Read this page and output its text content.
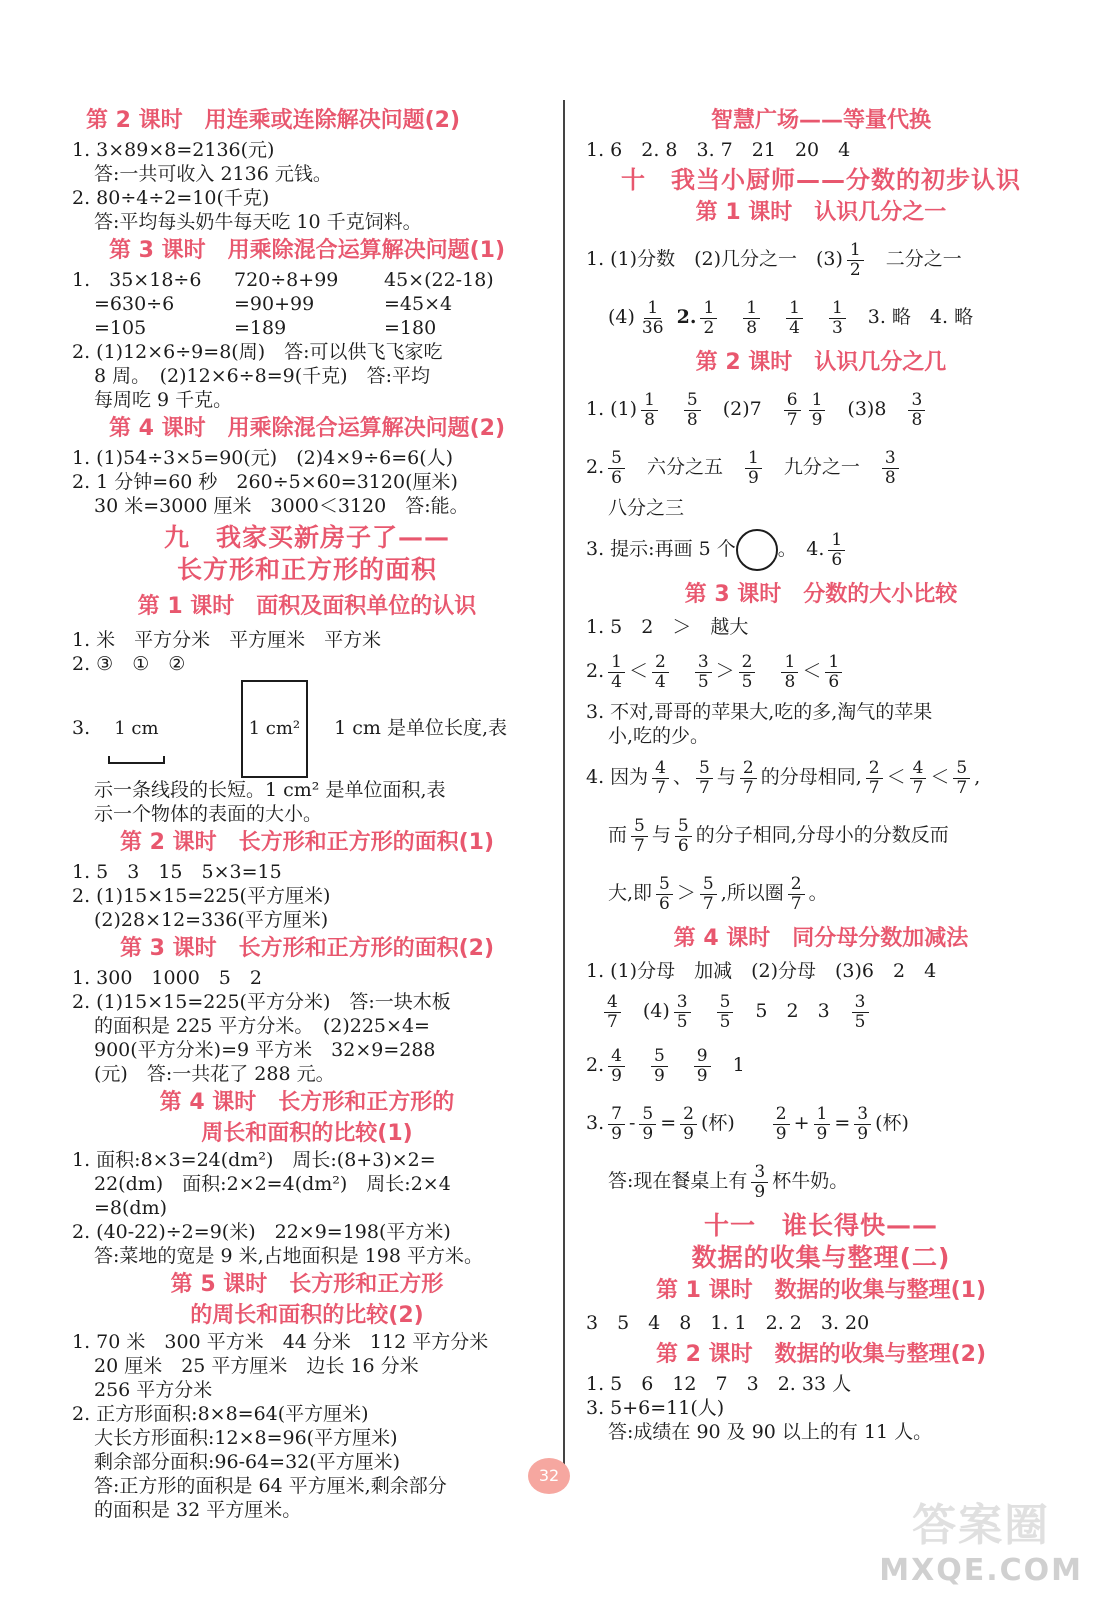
第 2 课时　用连乘或连除解决问题(2)
1. 3×89×8=2136(元)
答:一共可收入 2136 元钱。
2. 80÷4÷2=10(千克)
答:平均每头奶牛每天吃 10 千克饲料。
第 3 课时　用乘除混合运算解决问题(1)
1.　35×18÷6	720÷8+99	45×(22-18)
=630÷6	=90+99	=45×4
=105	=189	=180
2. (1)12×6÷9=8(周)　答:可以供飞飞家吃
8 周。　(2)12×6÷8=9(千克)　答:平均
每周吃 9 千克。
第 4 课时　用乘除混合运算解决问题(2)
1. (1)54÷3×5=90(元)　(2)4×9÷6=6(人)
2. 1 分钟=60 秒　260÷5×60=3120(厘米)
30 米=3000 厘米　3000＜3120　答:能。
九　我家买新房子了——
长方形和正方形的面积
第 1 课时　面积及面积单位的认识
1. 米　平方分米　平方厘米　平方米
2. ③　①　②
3. 1 cm	1 cm² 1 cm 是单位长度,表
示一条线段的长短。1 cm² 是单位面积,表
示一个物体的表面的大小。
第 2 课时　长方形和正方形的面积(1)
1. 5　3　15　5×3=15
2. (1)15×15=225(平方厘米)
(2)28×12=336(平方厘米)
第 3 课时　长方形和正方形的面积(2)
1. 300　1000　5　2
2. (1)15×15=225(平方分米)　答:一块木板
的面积是 225 平方分米。　(2)225×4=
900(平方分米)=9 平方米　32×9=288
(元)　答:一共花了 288 元。
第 4 课时　长方形和正方形的
周长和面积的比较(1)
1. 面积:8×3=24(dm²)　周长:(8+3)×2=
22(dm)　面积:2×2=4(dm²)　周长:2×4
=8(dm)
2. (40-22)÷2=9(米)　22×9=198(平方米)
答:菜地的宽是 9 米,占地面积是 198 平方米。
第 5 课时　长方形和正方形
的周长和面积的比较(2)
1. 70 米　300 平方米　44 分米　112 平方分米
20 厘米　25 平方厘米　边长 16 分米
256 平方分米
2. 正方形面积:8×8=64(平方厘米)
大长方形面积:12×8=96(平方厘米)
剩余部分面积:96-64=32(平方厘米)
答:正方形的面积是 64 平方厘米,剩余部分
的面积是 32 平方厘米。
智慧广场——等量代换
1. 6　2. 8　3. 7　21　20　4
十　我当小厨师——分数的初步认识
第 1 课时　认识几分之一
1. (1)分数　(2)几分之一　$(3) \frac{1}{2}$ 二分之一
$(4) \frac{1}{36} 2$. $\frac{1}{2} \frac{1}{8} \frac{1}{4} \frac{1}{3} 3$. 略　4. 略
第 2 课时　认识几分之几
1. $(1) \frac{1}{8} \frac{5}{8} (2)7 \frac{6}{7} \frac{1}{9} (3)8 \frac{3}{8}$
2. $\frac{5}{6}$ 六分之五 $\frac{1}{9}$ 九分之一 $\frac{3}{8}$
八分之三
3. 提示:再画 5 个 。　4. $\frac{1}{6}$
第 3 课时　分数的大小比较
1. 5　2　＞　越大
2. $\frac{1}{4} < \frac{2}{4} \frac{3}{5} > \frac{2}{5} \frac{1}{8} < \frac{1}{6}$
3. 不对,哥哥的苹果大,吃的多,淘气的苹果
小,吃的少。
4. 因为 $\frac{4}{7}$ 、 $\frac{5}{7}$ 与 $\frac{2}{7}$ 的分母相同, $\frac{2}{7} < \frac{4}{7} < \frac{5}{7}$ ,
而 $\frac{5}{7}$ 与 $\frac{5}{6}$ 的分子相同,分母小的分数反而
大,即 $\frac{5}{6} > \frac{5}{7}$ ,所以圈 $\frac{2}{7}$ 。
第 4 课时　同分母分数加减法
1. (1)分母　加减　(2)分母　(3)6　2　4
$\frac{4}{7} (4) \frac{3}{5} \frac{5}{5} 5$　2　$3 \frac{3}{5}$
2. $\frac{4}{9} \frac{5}{9} \frac{9}{9} 1$
3. $\frac{7}{9} - \frac{5}{9} = \frac{2}{9}$ (杯) $\frac{2}{9} + \frac{1}{9} = \frac{3}{9}$ (杯)
答:现在餐桌上有 $\frac{3}{9}$ 杯牛奶。
十一　谁长得快——
数据的收集与整理(二)
第 1 课时　数据的收集与整理(1)
3　5　4　8　1. 1　2. 2　3. 20
第 2 课时　数据的收集与整理(2)
1. 5　6　12　7　3　2. 33 人
3. 5+6=11(人)
答:成绩在 90 及 90 以上的有 11 人。
32
答案圈
MXQE.COM
